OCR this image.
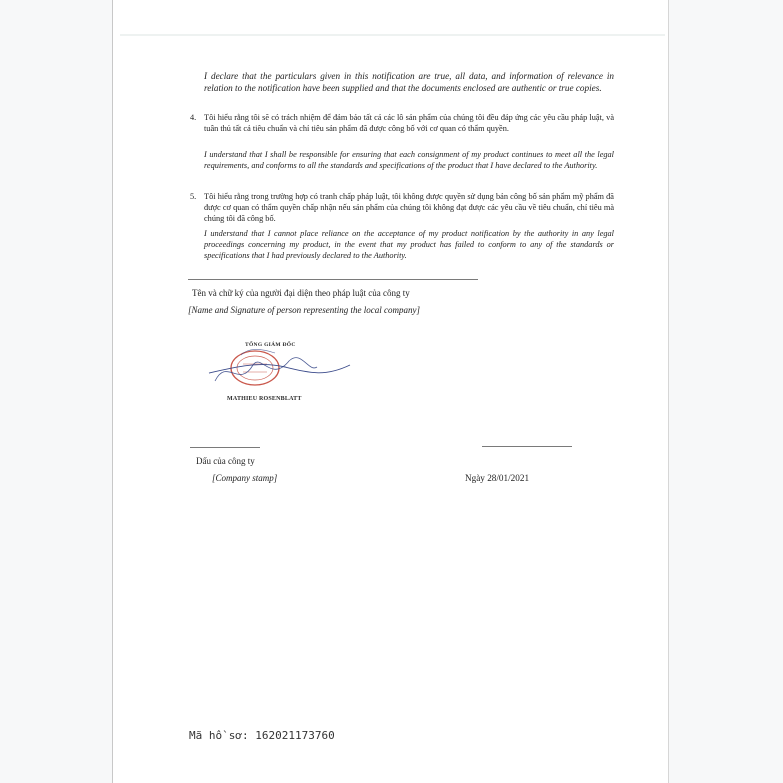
I declare that the particulars given in this notification are true, all data, and information of relevance in relation to the notification have been supplied and that the documents enclosed are authentic or true copies.

4. Tôi hiểu rằng tôi sẽ có trách nhiệm để đảm bảo tất cả các lô sản phẩm của chúng tôi đều đáp ứng các yêu cầu pháp luật, và tuân thủ tất cả tiêu chuẩn và chỉ tiêu sản phẩm đã được công bố với cơ quan có thẩm quyền.

I understand that I shall be responsible for ensuring that each consignment of my product continues to meet all the legal requirements, and conforms to all the standards and specifications of the product that I have declared to the Authority.

5. Tôi hiểu rằng trong trường hợp có tranh chấp pháp luật, tôi không được quyền sử dụng bản công bố sản phẩm mỹ phẩm đã được cơ quan có thẩm quyền chấp nhận nếu sản phẩm của chúng tôi không đạt được các yêu cầu về tiêu chuẩn, chỉ tiêu mà chúng tôi đã công bố.

I understand that I cannot place reliance on the acceptance of my product notification by the authority in any legal proceedings concerning my product, in the event that my product has failed to conform to any of the standards or specifications that I had previously declared to the Authority.

Tên và chữ ký của người đại diện theo pháp luật của công ty
[Name and Signature of person representing the local company]
TỔNG GIÁM ĐỐC
MATHIEU ROSENBLATT
Dấu của công ty
[Company stamp]	Ngày 28/01/2021
Mã hồ sơ: 162021173760
